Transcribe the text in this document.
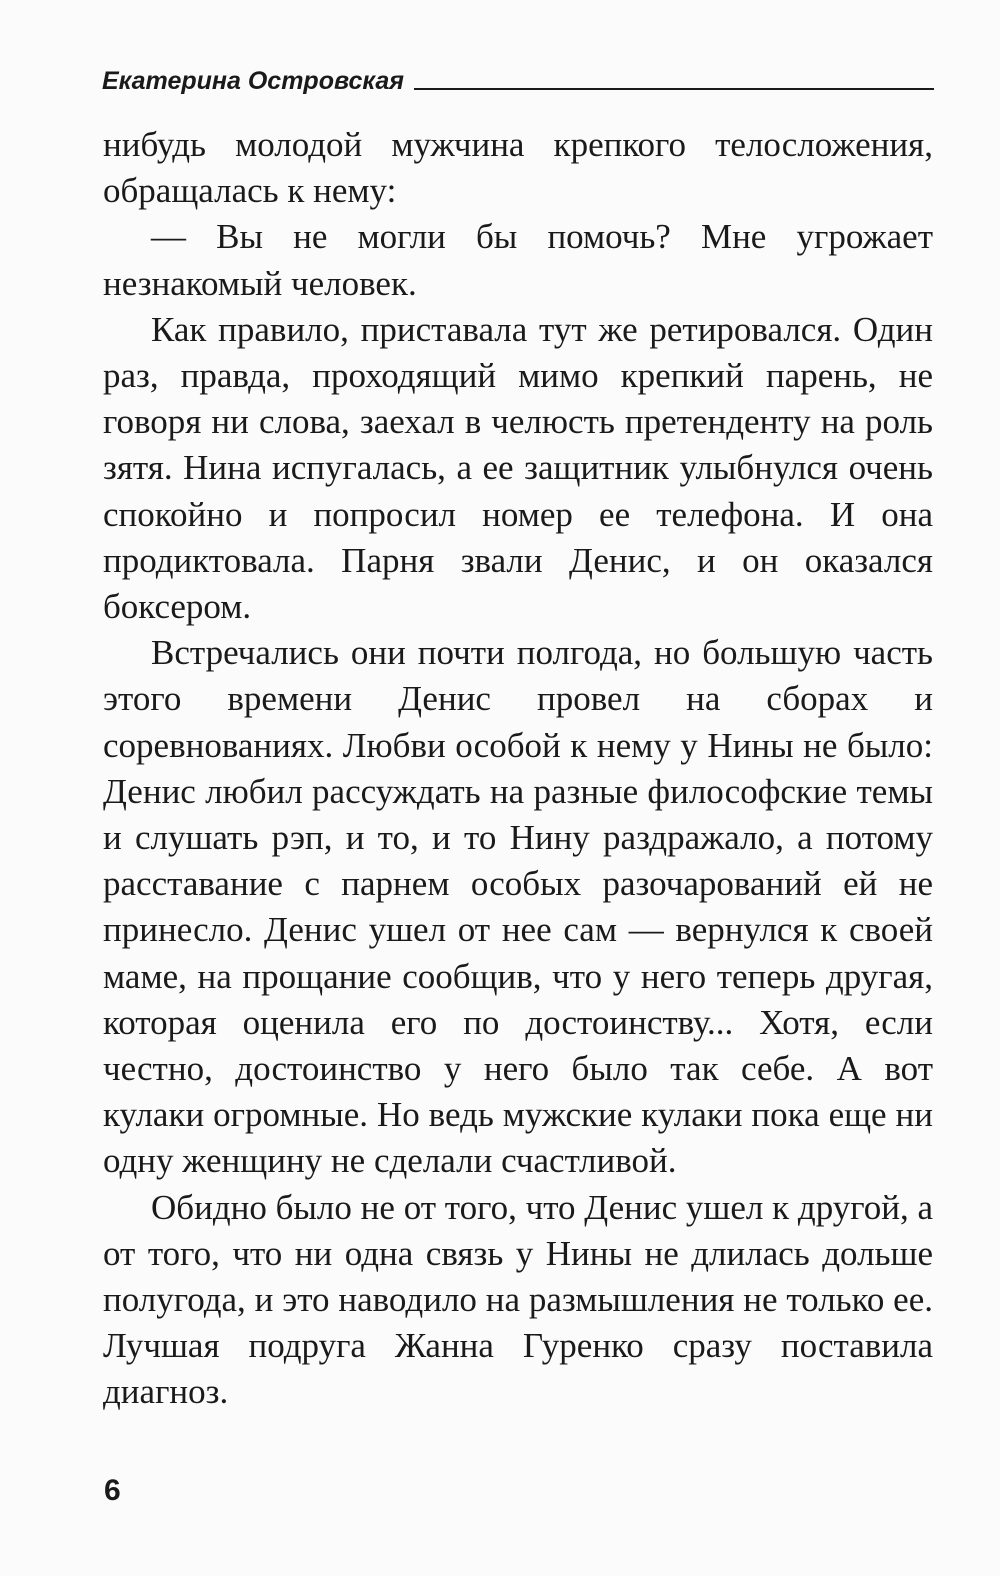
Екатерина Островская

нибудь молодой мужчина крепкого телосложения, обращалась к нему:

— Вы не могли бы помочь? Мне угрожает незнакомый человек.

Как правило, приставала тут же ретировался. Один раз, правда, проходящий мимо крепкий парень, не говоря ни слова, заехал в челюсть претенденту на роль зятя. Нина испугалась, а ее защитник улыбнулся очень спокойно и попросил номер ее телефона. И она продиктовала. Парня звали Денис, и он оказался боксером.

Встречались они почти полгода, но большую часть этого времени Денис провел на сборах и соревнованиях. Любви особой к нему у Нины не было: Денис любил рассуждать на разные философские темы и слушать рэп, и то, и то Нину раздражало, а потому расставание с парнем особых разочарований ей не принесло. Денис ушел от нее сам — вернулся к своей маме, на прощание сообщив, что у него теперь другая, которая оценила его по достоинству... Хотя, если честно, достоинство у него было так себе. А вот кулаки огромные. Но ведь мужские кулаки пока еще ни одну женщину не сделали счастливой.

Обидно было не от того, что Денис ушел к другой, а от того, что ни одна связь у Нины не длилась дольше полугода, и это наводило на размышления не только ее. Лучшая подруга Жанна Гуренко сразу поставила диагноз.

6
